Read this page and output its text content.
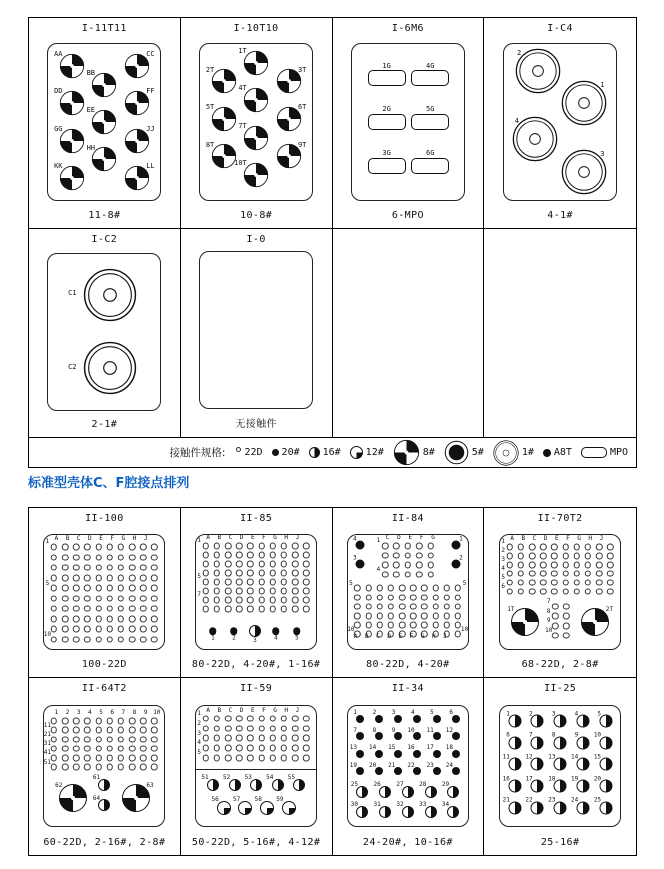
I-11T11
AA	CC
BB
DD	FF
EE
GG	JJ
HH
KK	LL
11-8#
I-10T10
1T
2T	3T
4T
5T	6T
7T
8T	9T
10T
10-8#
I-6M6
1G	4G
2G	5G
3G	6G
6-MPO
I-C4
2
1
4
3
4-1#
I-C2
C1
C2
2-1#
I-0
无接触件
接触件规格: 22D 20# 16#	12#	8#	5#	1# A8T	MPO
标准型壳体C、F腔接点排列
II-100
1
5
10
A B C D E F G H J
100-22D
II-85
1
5
7
A B C D E F G H J
1	2	3	4	5
80-22D, 4-20#, 1-16#
II-84
4	1
3	2
1
4
C D E F G
5
10
5
10
A B C D E F G H J
80-22D, 4-20#
II-70T2
1
2
3
4
5
6
A B C D E F G H J
7
8
9
10
1T	2T
68-22D, 2-8#
II-64T2
11
21
31
41
51
1 2 3 4 5 6 7 8 9 10
61
64
62	63
60-22D, 2-16#, 2-8#
II-59
1
2
3
4
5
A B C D E F G H J
51 52 53 54 55
56 57 58 59
50-22D, 5-16#, 4-12#
II-34
1	2	3	4	5	6
7	8	9 10 11 12
13 14 15 16 17 18
19 20 21 22 23 24
25	26	27	28	29
30	31	32	33	34
24-20#, 10-16#
II-25
1	2	3	4	5
6	7	8	9	10
11	12	13	14	15
16	17	18	19	20
21	22	23	24	25
25-16#
